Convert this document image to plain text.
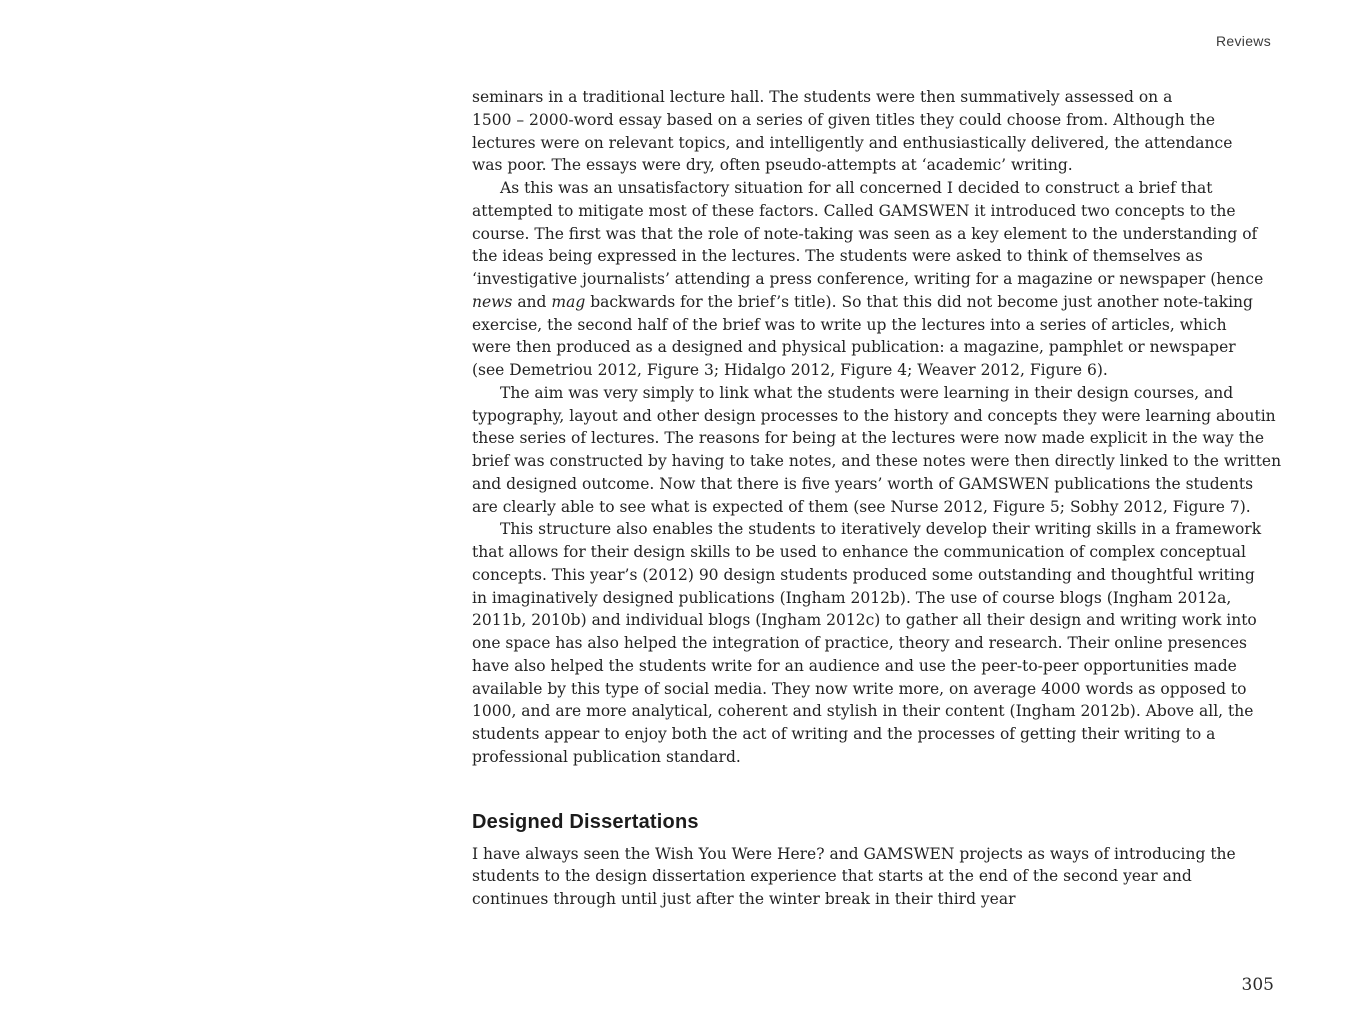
Reviews
seminars in a traditional lecture hall. The students were then summatively assessed on a
1500 – 2000-word essay based on a series of given titles they could choose from. Although the
lectures were on relevant topics, and intelligently and enthusiastically delivered, the attendance
was poor. The essays were dry, often pseudo-attempts at ‘academic’ writing.
As this was an unsatisfactory situation for all concerned I decided to construct a brief that
attempted to mitigate most of these factors. Called GAMSWEN it introduced two concepts to the
course. The first was that the role of note-taking was seen as a key element to the understanding of
the ideas being expressed in the lectures. The students were asked to think of themselves as
‘investigative journalists’ attending a press conference, writing for a magazine or newspaper (hence
news and mag backwards for the brief’s title). So that this did not become just another note-taking
exercise, the second half of the brief was to write up the lectures into a series of articles, which
were then produced as a designed and physical publication: a magazine, pamphlet or newspaper
(see Demetriou 2012, Figure 3; Hidalgo 2012, Figure 4; Weaver 2012, Figure 6).
The aim was very simply to link what the students were learning in their design courses, and
typography, layout and other design processes to the history and concepts they were learning aboutin
these series of lectures. The reasons for being at the lectures were now made explicit in the way the
brief was constructed by having to take notes, and these notes were then directly linked to the written
and designed outcome. Now that there is five years’ worth of GAMSWEN publications the students
are clearly able to see what is expected of them (see Nurse 2012, Figure 5; Sobhy 2012, Figure 7).
This structure also enables the students to iteratively develop their writing skills in a framework
that allows for their design skills to be used to enhance the communication of complex conceptual
concepts. This year’s (2012) 90 design students produced some outstanding and thoughtful writing
in imaginatively designed publications (Ingham 2012b). The use of course blogs (Ingham 2012a,
2011b, 2010b) and individual blogs (Ingham 2012c) to gather all their design and writing work into
one space has also helped the integration of practice, theory and research. Their online presences
have also helped the students write for an audience and use the peer-to-peer opportunities made
available by this type of social media. They now write more, on average 4000 words as opposed to
1000, and are more analytical, coherent and stylish in their content (Ingham 2012b). Above all, the
students appear to enjoy both the act of writing and the processes of getting their writing to a
professional publication standard.
Designed Dissertations
I have always seen the Wish You Were Here? and GAMSWEN projects as ways of introducing the
students to the design dissertation experience that starts at the end of the second year and
continues through until just after the winter break in their third year
305
